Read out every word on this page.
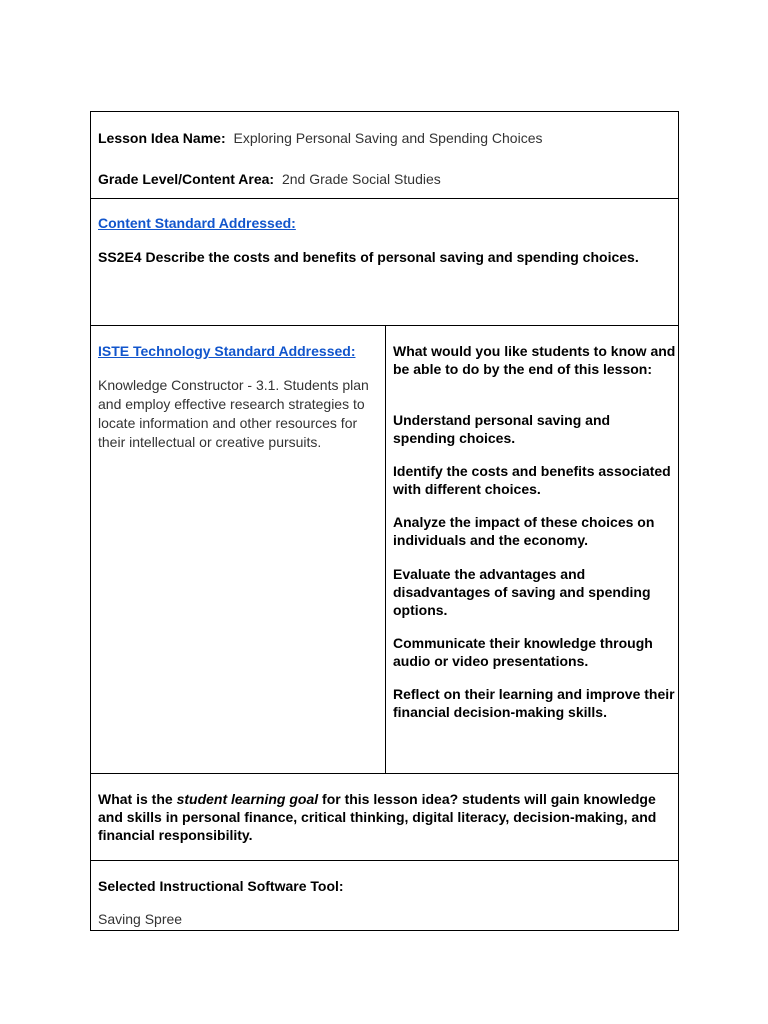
Lesson Idea Name: Exploring Personal Saving and Spending Choices
Grade Level/Content Area: 2nd Grade Social Studies
Content Standard Addressed:
SS2E4 Describe the costs and benefits of personal saving and spending choices.
ISTE Technology Standard Addressed:
Knowledge Constructor - 3.1. Students plan and employ effective research strategies to locate information and other resources for their intellectual or creative pursuits.
What would you like students to know and be able to do by the end of this lesson:
Understand personal saving and spending choices.
Identify the costs and benefits associated with different choices.
Analyze the impact of these choices on individuals and the economy.
Evaluate the advantages and disadvantages of saving and spending options.
Communicate their knowledge through audio or video presentations.
Reflect on their learning and improve their financial decision-making skills.
What is the student learning goal for this lesson idea? students will gain knowledge and skills in personal finance, critical thinking, digital literacy, decision-making, and financial responsibility.
Selected Instructional Software Tool:
Saving Spree
